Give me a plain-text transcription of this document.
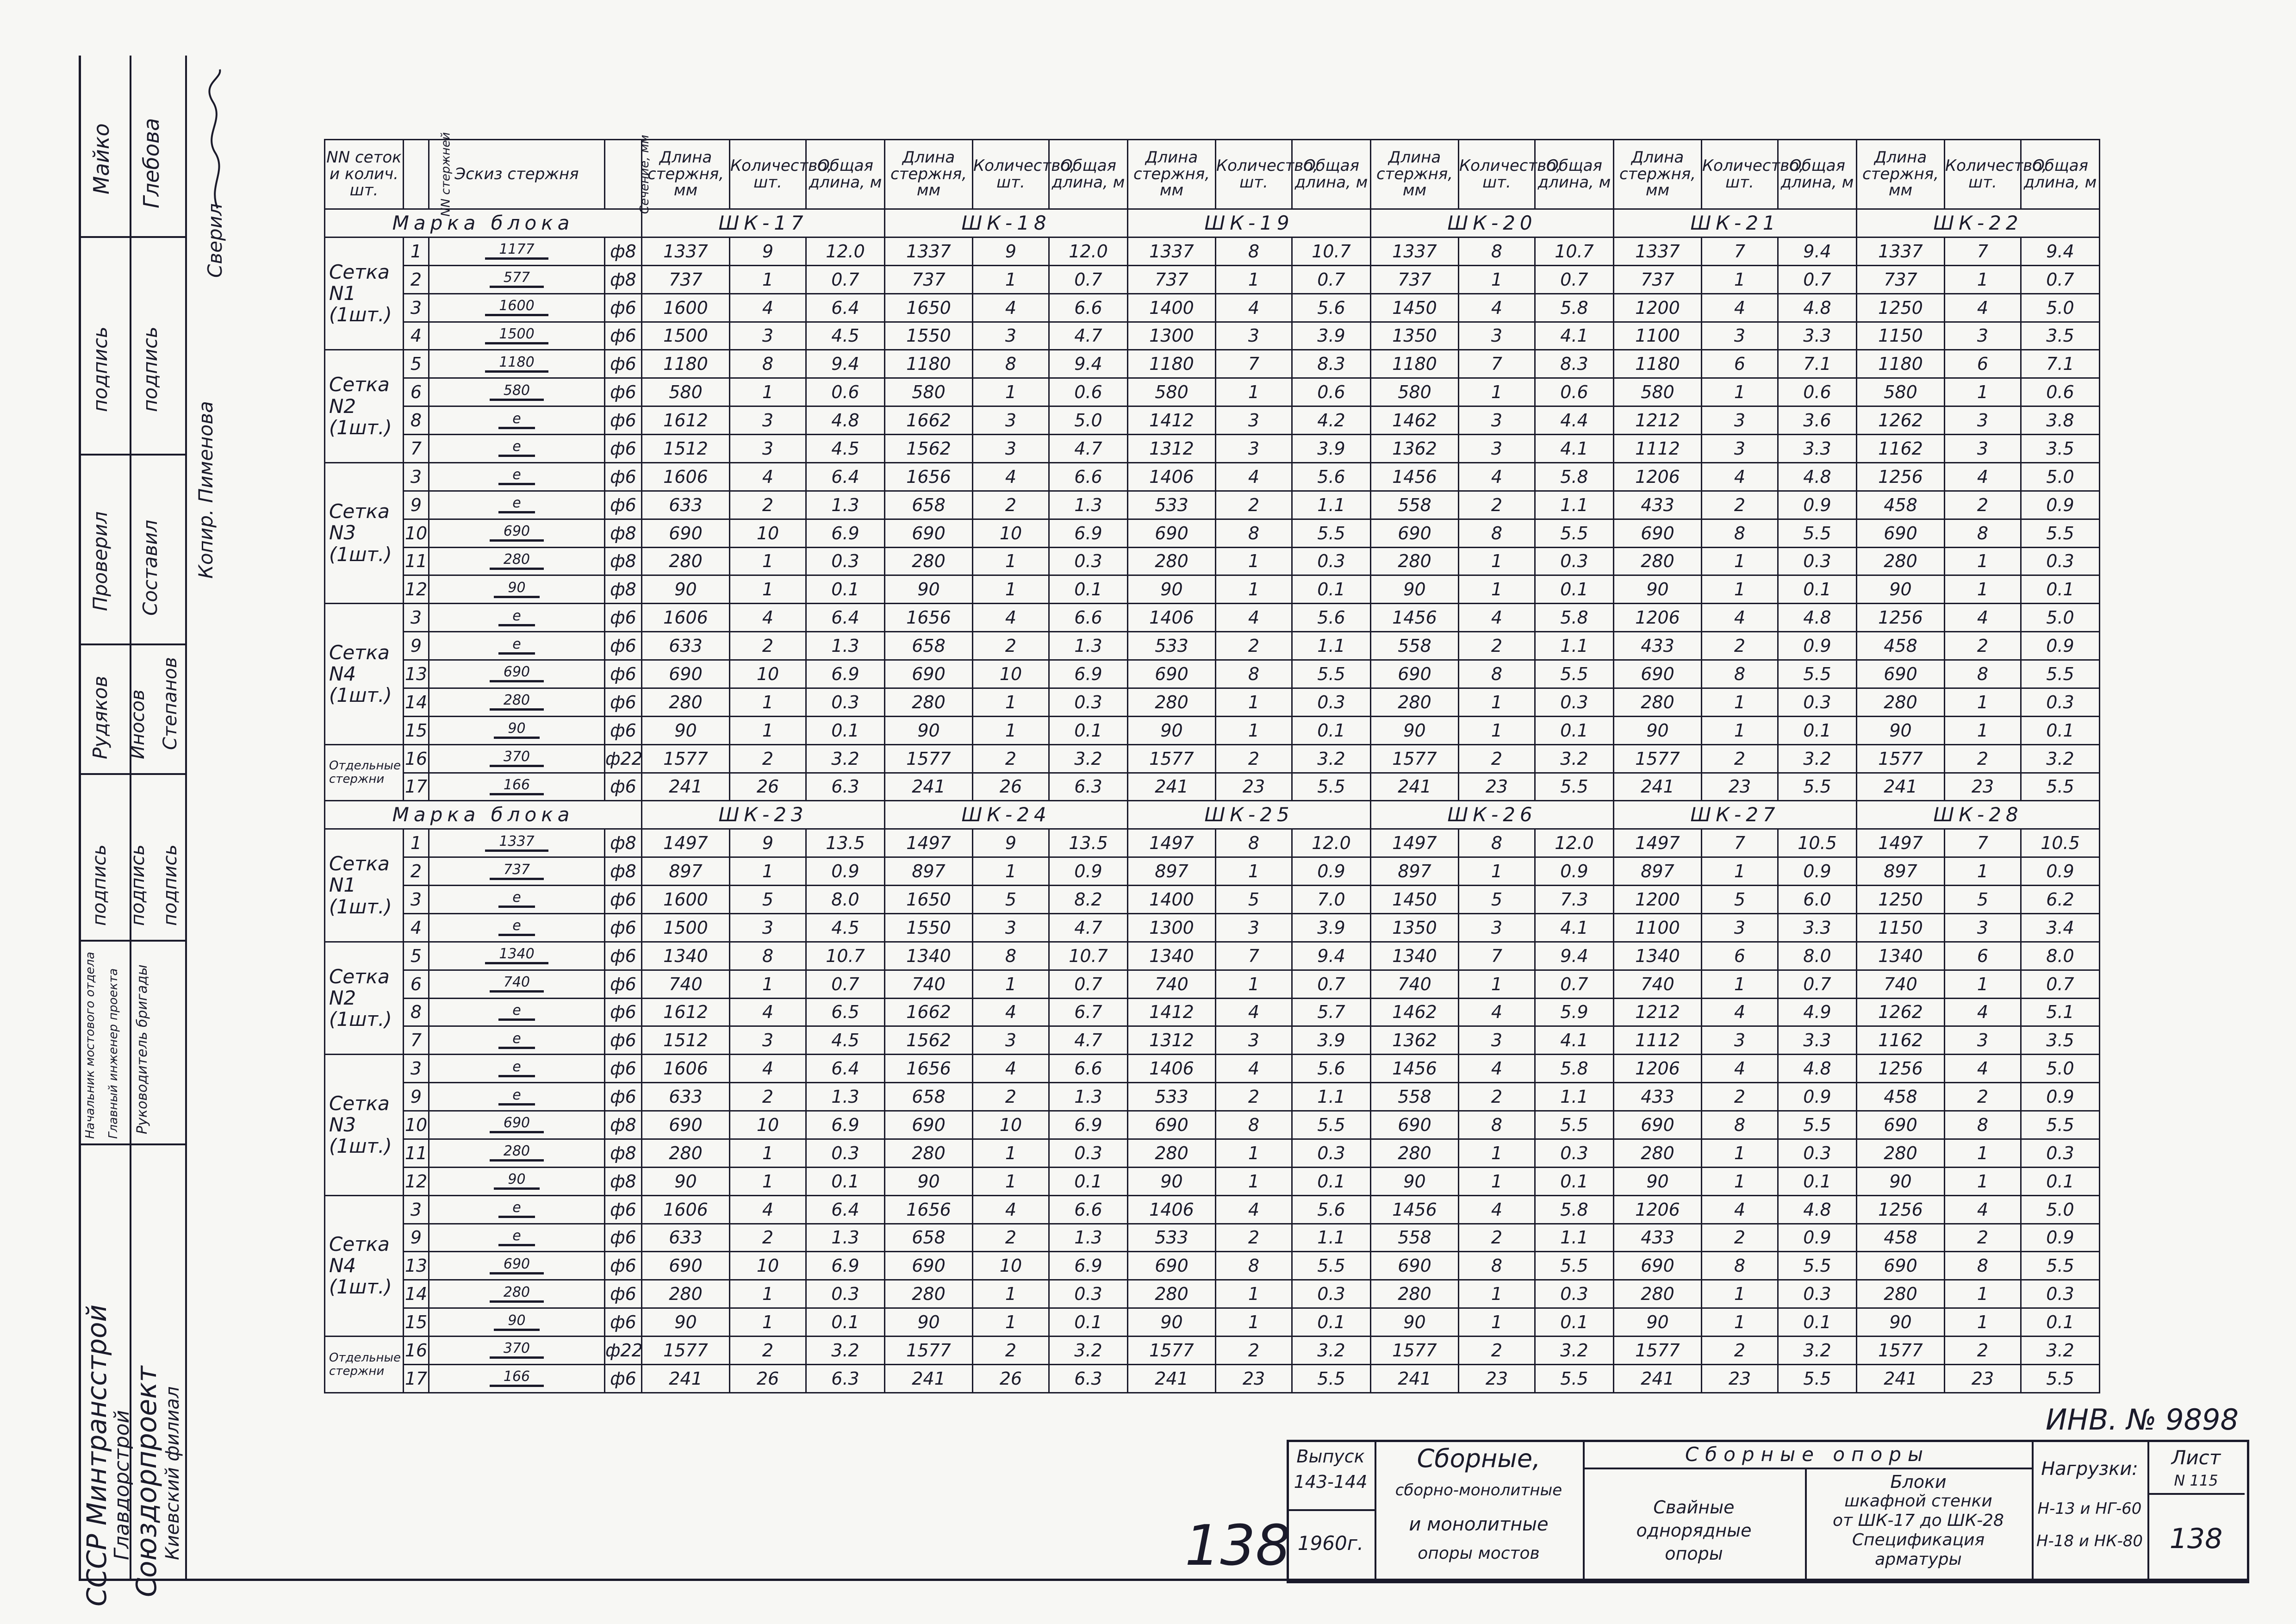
Майко Глебова
подпись подпись
Проверил Составил
Рудяков Иносов Степанов
подпись подпись подпись
Начальник мостового отдела Главный инженер проекта Руководитель бригады
СССР Минтрансстрой
Главдорстрой
Союздорпроект
Киевский филиал
Копир. Пименова
Сверил
NN сеток и колич. шт.	NN стержней	Эскиз стержня	Сечение, мм	Длина стержня, мм	Количество, шт.	Общая длина, м	Длина стержня, мм	Количество, шт.	Общая длина, м	Длина стержня, мм	Количество, шт.	Общая длина, м	Длина стержня, мм	Количество, шт.	Общая длина, м	Длина стержня, мм	Количество, шт.	Общая длина, м	Длина стержня, мм	Количество, шт.	Общая длина, м
Марка блока				ШК-17			ШК-18			ШК-19			ШК-20			ШК-21			ШК-22		
Сетка N1 (1шт.)	1	1177	ф8	1337	9	12.0	1337	9	12.0	1337	8	10.7	1337	8	10.7	1337	7	9.4	1337	7	9.4
	2	577	ф8	737	1	0.7	737	1	0.7	737	1	0.7	737	1	0.7	737	1	0.7	737	1	0.7
	3	1600	ф6	1600	4	6.4	1650	4	6.6	1400	4	5.6	1450	4	5.8	1200	4	4.8	1250	4	5.0
	4	1500	ф6	1500	3	4.5	1550	3	4.7	1300	3	3.9	1350	3	4.1	1100	3	3.3	1150	3	3.5
Сетка N2 (1шт.)	5	1180	ф6	1180	8	9.4	1180	8	9.4	1180	7	8.3	1180	7	8.3	1180	6	7.1	1180	6	7.1
	6	580	ф6	580	1	0.6	580	1	0.6	580	1	0.6	580	1	0.6	580	1	0.6	580	1	0.6
	8	e	ф6	1612	3	4.8	1662	3	5.0	1412	3	4.2	1462	3	4.4	1212	3	3.6	1262	3	3.8
	7	e	ф6	1512	3	4.5	1562	3	4.7	1312	3	3.9	1362	3	4.1	1112	3	3.3	1162	3	3.5
Сетка N3 (1шт.)	3	e	ф6	1606	4	6.4	1656	4	6.6	1406	4	5.6	1456	4	5.8	1206	4	4.8	1256	4	5.0
	9	e	ф6	633	2	1.3	658	2	1.3	533	2	1.1	558	2	1.1	433	2	0.9	458	2	0.9
	10	690	ф8	690	10	6.9	690	10	6.9	690	8	5.5	690	8	5.5	690	8	5.5	690	8	5.5
	11	280	ф8	280	1	0.3	280	1	0.3	280	1	0.3	280	1	0.3	280	1	0.3	280	1	0.3
	12	90	ф8	90	1	0.1	90	1	0.1	90	1	0.1	90	1	0.1	90	1	0.1	90	1	0.1
Сетка N4 (1шт.)	3	e	ф6	1606	4	6.4	1656	4	6.6	1406	4	5.6	1456	4	5.8	1206	4	4.8	1256	4	5.0
	9	e	ф6	633	2	1.3	658	2	1.3	533	2	1.1	558	2	1.1	433	2	0.9	458	2	0.9
	13	690	ф6	690	10	6.9	690	10	6.9	690	8	5.5	690	8	5.5	690	8	5.5	690	8	5.5
	14	280	ф6	280	1	0.3	280	1	0.3	280	1	0.3	280	1	0.3	280	1	0.3	280	1	0.3
	15	90	ф6	90	1	0.1	90	1	0.1	90	1	0.1	90	1	0.1	90	1	0.1	90	1	0.1
Отдельные стержни	16	370	ф22	1577	2	3.2	1577	2	3.2	1577	2	3.2	1577	2	3.2	1577	2	3.2	1577	2	3.2
	17	166	ф6	241	26	6.3	241	26	6.3	241	23	5.5	241	23	5.5	241	23	5.5	241	23	5.5
Марка блока				ШК-23			ШК-24			ШК-25			ШК-26			ШК-27			ШК-28		
Сетка N1 (1шт.)	1	1337	ф8	1497	9	13.5	1497	9	13.5	1497	8	12.0	1497	8	12.0	1497	7	10.5	1497	7	10.5
	2	737	ф8	897	1	0.9	897	1	0.9	897	1	0.9	897	1	0.9	897	1	0.9	897	1	0.9
	3	e	ф6	1600	5	8.0	1650	5	8.2	1400	5	7.0	1450	5	7.3	1200	5	6.0	1250	5	6.2
	4	e	ф6	1500	3	4.5	1550	3	4.7	1300	3	3.9	1350	3	4.1	1100	3	3.3	1150	3	3.4
Сетка N2 (1шт.)	5	1340	ф6	1340	8	10.7	1340	8	10.7	1340	7	9.4	1340	7	9.4	1340	6	8.0	1340	6	8.0
	6	740	ф6	740	1	0.7	740	1	0.7	740	1	0.7	740	1	0.7	740	1	0.7	740	1	0.7
	8	e	ф6	1612	4	6.5	1662	4	6.7	1412	4	5.7	1462	4	5.9	1212	4	4.9	1262	4	5.1
	7	e	ф6	1512	3	4.5	1562	3	4.7	1312	3	3.9	1362	3	4.1	1112	3	3.3	1162	3	3.5
Сетка N3 (1шт.)	3	e	ф6	1606	4	6.4	1656	4	6.6	1406	4	5.6	1456	4	5.8	1206	4	4.8	1256	4	5.0
	9	e	ф6	633	2	1.3	658	2	1.3	533	2	1.1	558	2	1.1	433	2	0.9	458	2	0.9
	10	690	ф8	690	10	6.9	690	10	6.9	690	8	5.5	690	8	5.5	690	8	5.5	690	8	5.5
	11	280	ф8	280	1	0.3	280	1	0.3	280	1	0.3	280	1	0.3	280	1	0.3	280	1	0.3
	12	90	ф8	90	1	0.1	90	1	0.1	90	1	0.1	90	1	0.1	90	1	0.1	90	1	0.1
Сетка N4 (1шт.)	3	e	ф6	1606	4	6.4	1656	4	6.6	1406	4	5.6	1456	4	5.8	1206	4	4.8	1256	4	5.0
	9	e	ф6	633	2	1.3	658	2	1.3	533	2	1.1	558	2	1.1	433	2	0.9	458	2	0.9
	13	690	ф6	690	10	6.9	690	10	6.9	690	8	5.5	690	8	5.5	690	8	5.5	690	8	5.5
	14	280	ф6	280	1	0.3	280	1	0.3	280	1	0.3	280	1	0.3	280	1	0.3	280	1	0.3
	15	90	ф6	90	1	0.1	90	1	0.1	90	1	0.1	90	1	0.1	90	1	0.1	90	1	0.1
Отдельные стержни	16	370	ф22	1577	2	3.2	1577	2	3.2	1577	2	3.2	1577	2	3.2	1577	2	3.2	1577	2	3.2
	17	166	ф6	241	26	6.3	241	26	6.3	241	23	5.5	241	23	5.5	241	23	5.5	241	23	5.5
ИНВ. № 9898
138
Выпуск
143-144
1960г.
Сборные,
сборно-монолитные
и монолитные
опоры мостов
Сборные опоры
Свайные
однорядные
опоры
Блоки
шкафной стенки
от ШК-17 до ШК-28
Спецификация
арматуры
Нагрузки:
Н-13 и НГ-60
Н-18 и НК-80
Лист
N 115
138
